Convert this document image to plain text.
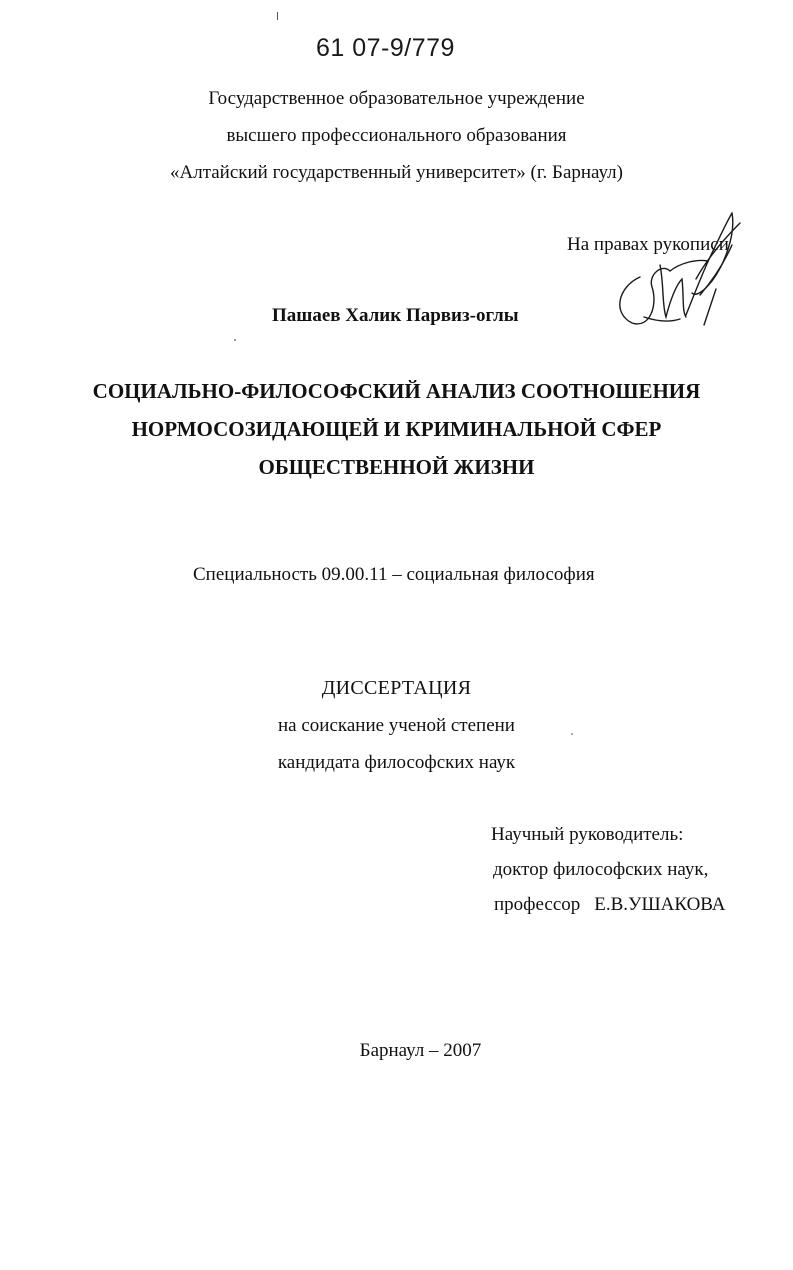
61 07-9/779
Государственное образовательное учреждение
высшего профессионального образования
«Алтайский государственный университет» (г. Барнаул)
На правах рукописи
Пашаев Халик Парвиз-оглы
СОЦИАЛЬНО-ФИЛОСОФСКИЙ АНАЛИЗ СООТНОШЕНИЯ
НОРМОСОЗИДАЮЩЕЙ И КРИМИНАЛЬНОЙ СФЕР
ОБЩЕСТВЕННОЙ ЖИЗНИ
Специальность 09.00.11 – социальная философия
ДИССЕРТАЦИЯ
на соискание ученой степени
кандидата философских наук
Научный руководитель:
доктор философских наук,
профессор Е.В.УШАКОВА
Барнаул – 2007
